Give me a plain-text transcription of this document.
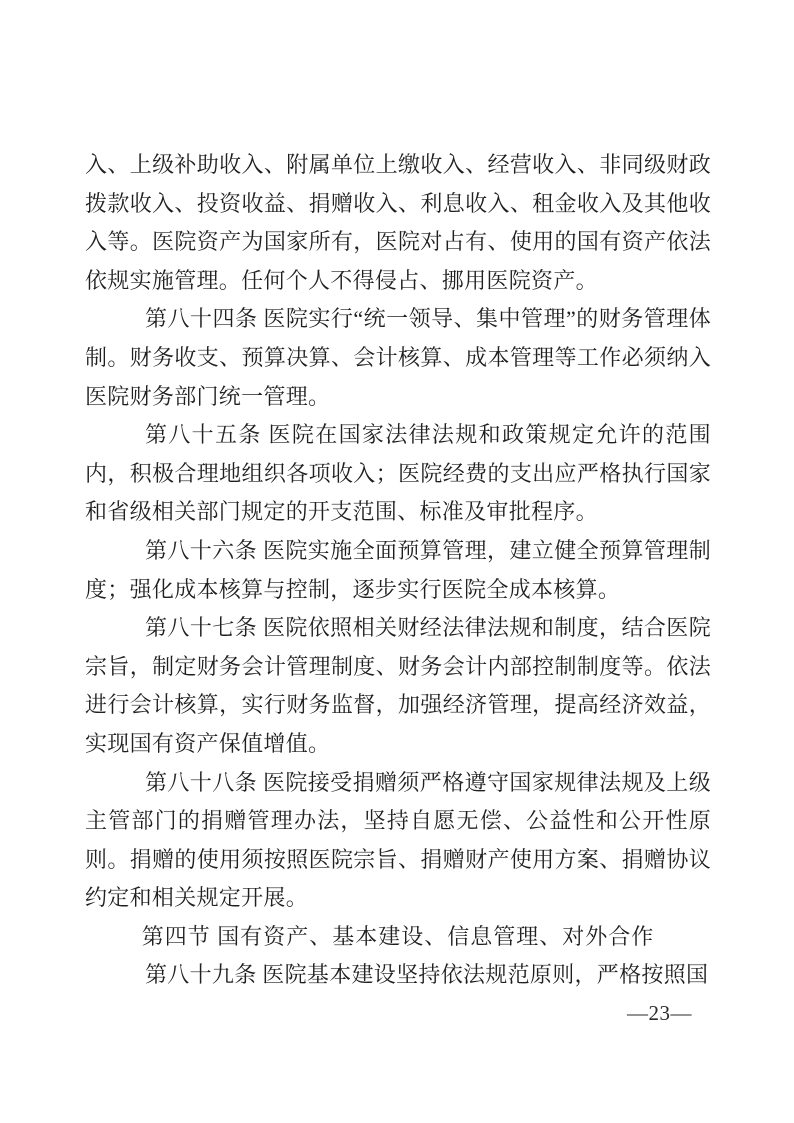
入、上级补助收入、附属单位上缴收入、经营收入、非同级财政拨款收入、投资收益、捐赠收入、利息收入、租金收入及其他收入等。医院资产为国家所有，医院对占有、使用的国有资产依法依规实施管理。任何个人不得侵占、挪用医院资产。

第八十四条 医院实行“统一领导、集中管理”的财务管理体制。财务收支、预算决算、会计核算、成本管理等工作必须纳入医院财务部门统一管理。

第八十五条 医院在国家法律法规和政策规定允许的范围内，积极合理地组织各项收入；医院经费的支出应严格执行国家和省级相关部门规定的开支范围、标准及审批程序。

第八十六条 医院实施全面预算管理，建立健全预算管理制度；强化成本核算与控制，逐步实行医院全成本核算。

第八十七条 医院依照相关财经法律法规和制度，结合医院宗旨，制定财务会计管理制度、财务会计内部控制制度等。依法进行会计核算，实行财务监督，加强经济管理，提高经济效益，实现国有资产保值增值。

第八十八条 医院接受捐赠须严格遵守国家规律法规及上级主管部门的捐赠管理办法，坚持自愿无偿、公益性和公开性原则。捐赠的使用须按照医院宗旨、捐赠财产使用方案、捐赠协议约定和相关规定开展。

第四节 国有资产、基本建设、信息管理、对外合作

第八十九条 医院基本建设坚持依法规范原则，严格按照国

—23—
